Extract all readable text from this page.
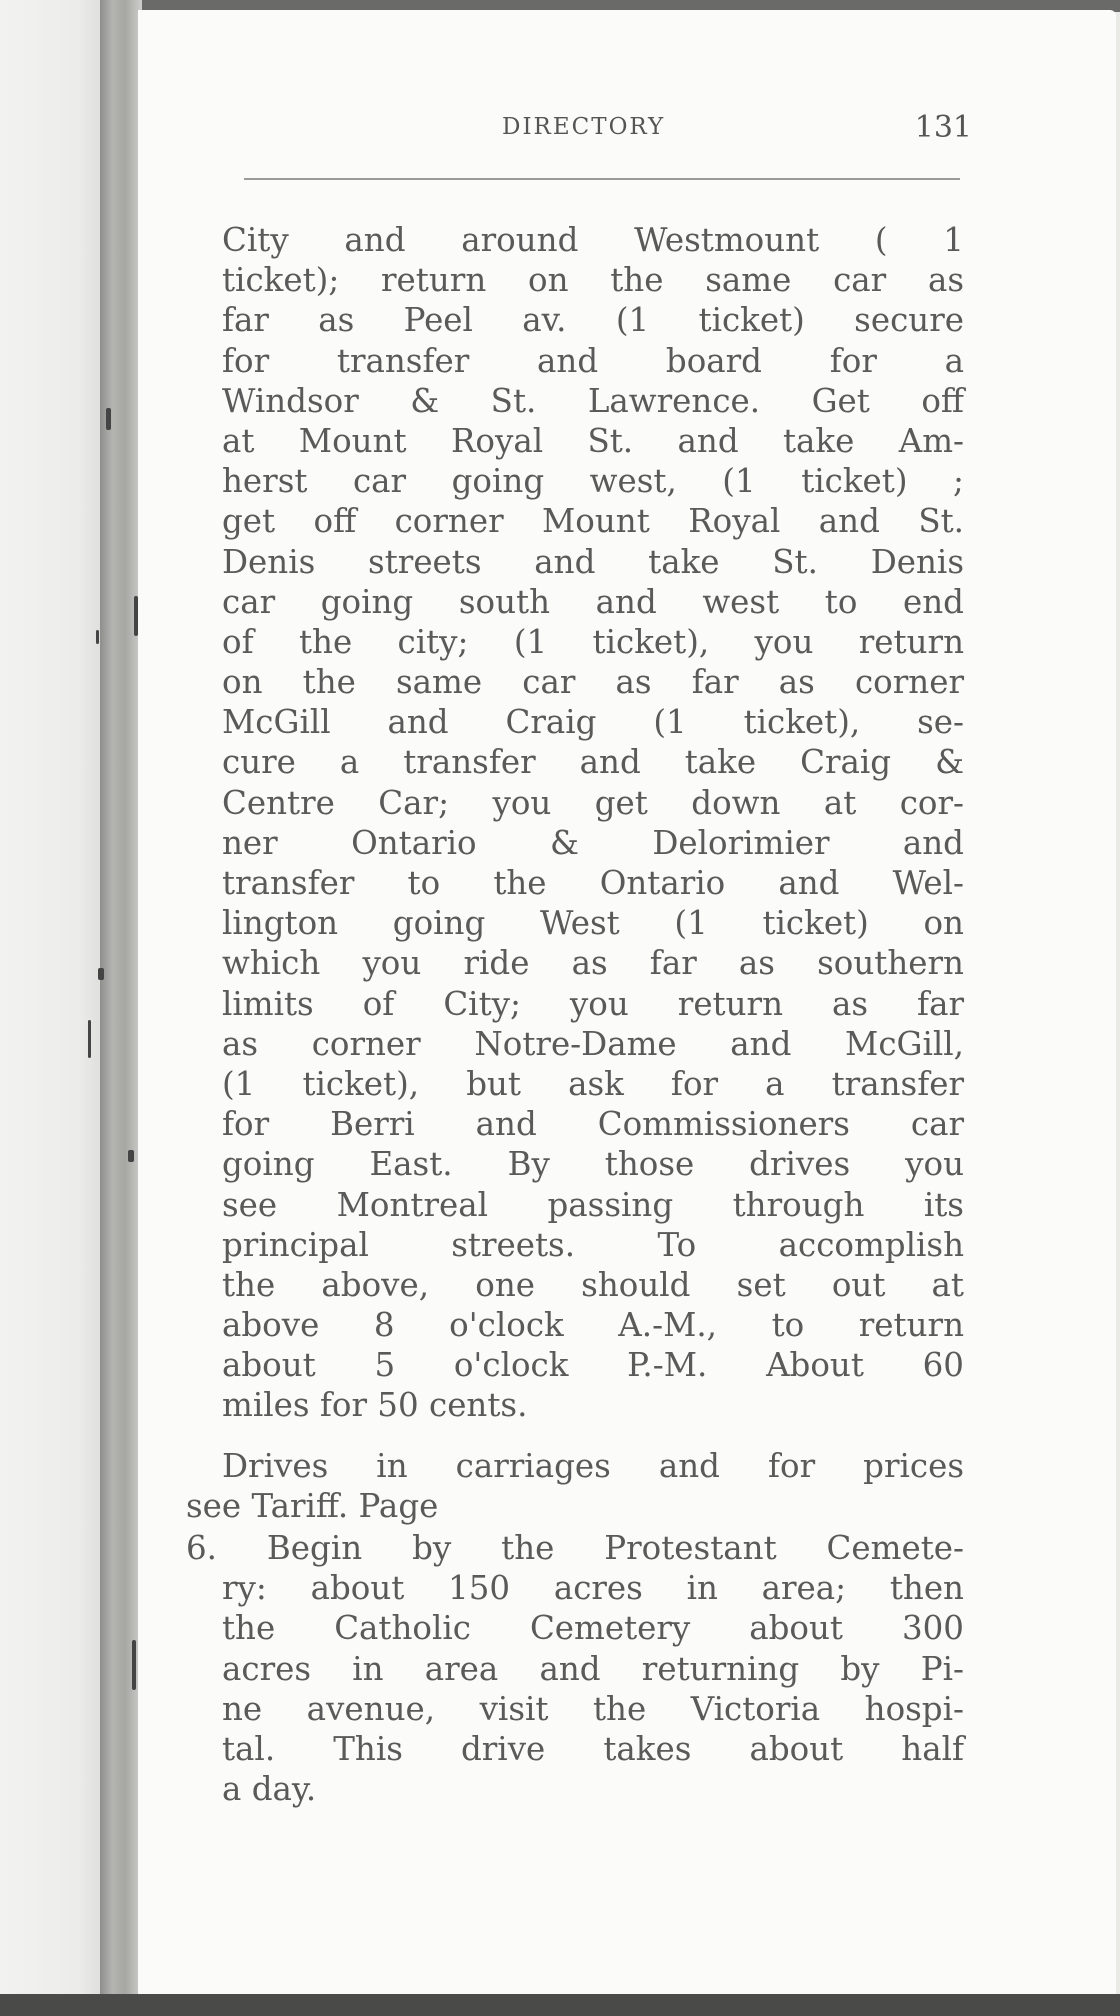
DIRECTORY	131
City and around Westmount ( 1
ticket); return on the same car as
far as Peel av. (1 ticket) secure
for transfer and board for a
Windsor & St. Lawrence. Get off
at Mount Royal St. and take Am-
herst car going west, (1 ticket) ;
get off corner Mount Royal and St.
Denis streets and take St. Denis
car going south and west to end
of the city; (1 ticket), you return
on the same car as far as corner
McGill and Craig (1 ticket), se-
cure a transfer and take Craig &
Centre Car; you get down at cor-
ner Ontario & Delorimier and
transfer to the Ontario and Wel-
lington going West (1 ticket) on
which you ride as far as southern
limits of City; you return as far
as corner Notre-Dame and McGill,
(1 ticket), but ask for a transfer
for Berri and Commissioners car
going East. By those drives you
see Montreal passing through its
principal streets. To accomplish
the above, one should set out at
above 8 o'clock A.-M., to return
about 5 o'clock P.-M. About 60
miles for 50 cents.
Drives in carriages and for prices
see Tariff. Page
6. Begin by the Protestant Cemete-
ry: about 150 acres in area; then
the Catholic Cemetery about 300
acres in area and returning by Pi-
ne avenue, visit the Victoria hospi-
tal. This drive takes about half
a day.
